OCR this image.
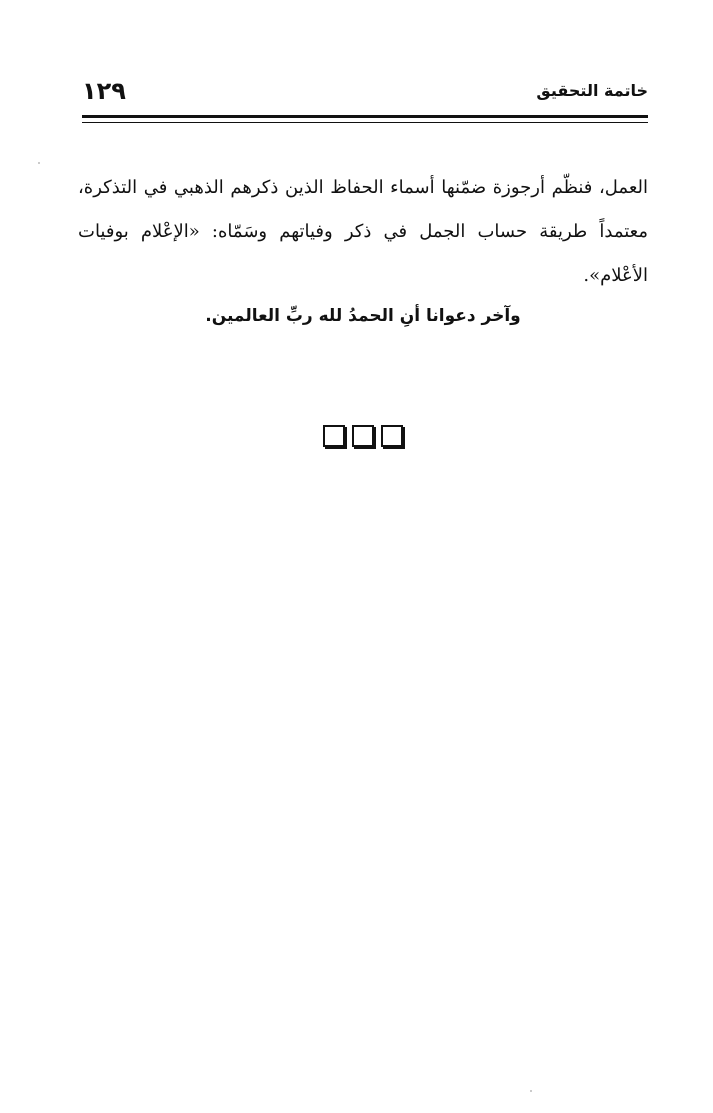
١٢٩	خاتمة التحقيق

العمل، فنظّم أرجوزة ضمّنها أسماء الحفاظ الذين ذكرهم الذهبي في التذكرة، معتمداً طريقة حساب الجمل في ذكر وفياتهم وسَمّاه: «الإعْلام بوفيات الأعْلام».

وآخر دعوانا أنِ الحمدُ لله ربِّ العالمين.
